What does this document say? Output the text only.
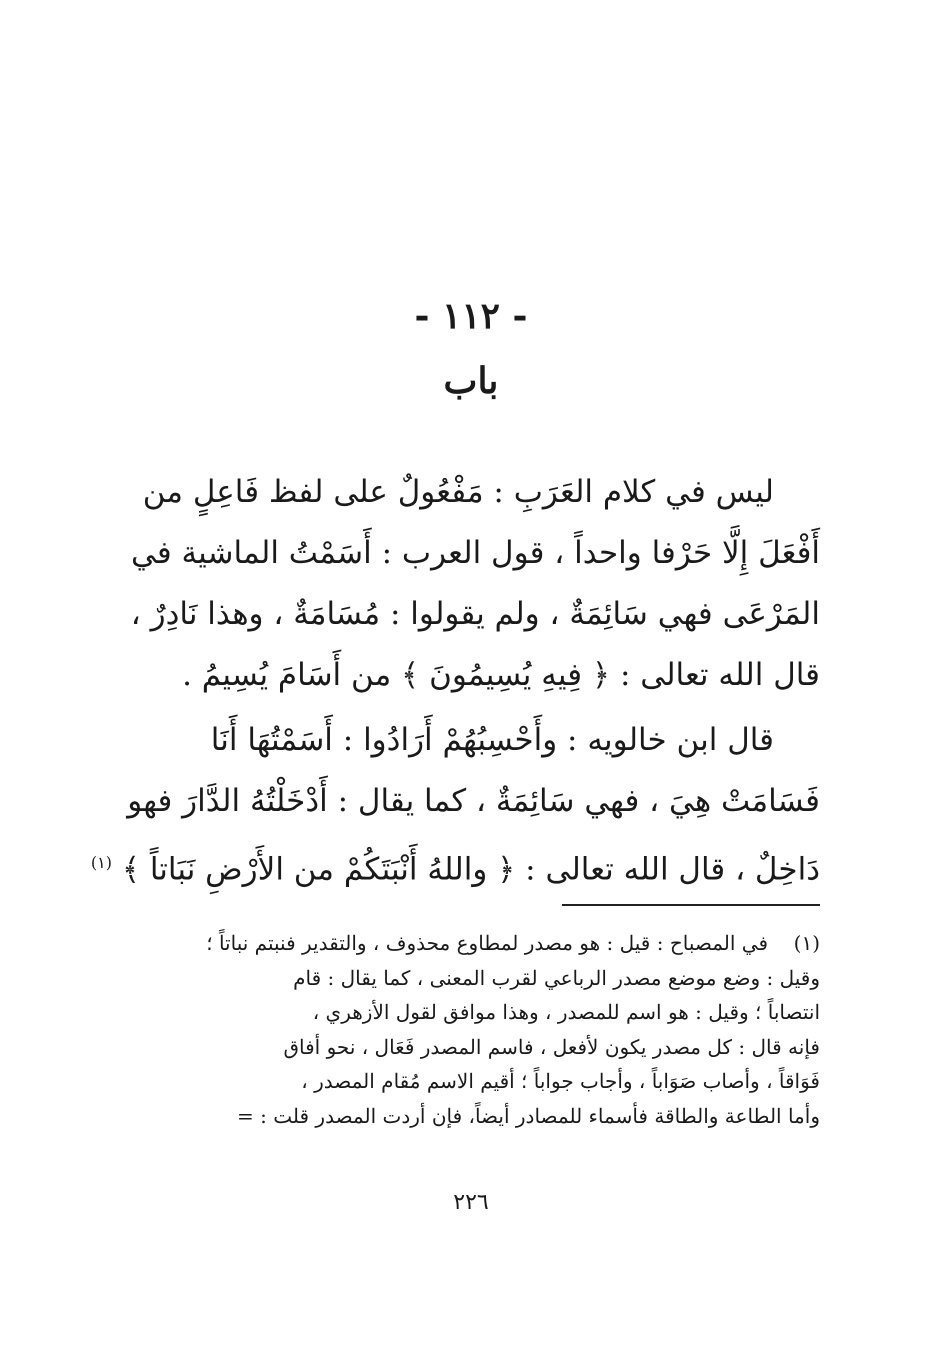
- ١١٢ -
باب
ليس في كلام العَرَبِ : مَفْعُولٌ على لفظ فَاعِلٍ من
أَفْعَلَ إِلَّا حَرْفا واحداً ، قول العرب : أَسَمْتُ الماشية في
المَرْعَى فهي سَائِمَةٌ ، ولم يقولوا : مُسَامَةٌ ، وهذا نَادِرٌ ،
قال الله تعالى : ﴿ فِيهِ يُسِيمُونَ ﴾ من أَسَامَ يُسِيمُ .
قال ابن خالويه : وأَحْسِبُهُمْ أَرَادُوا : أَسَمْتُهَا أَنَا
فَسَامَتْ هِيَ ، فهي سَائِمَةٌ ، كما يقال : أَدْخَلْتُهُ الدَّارَ فهو
دَاخِلٌ ، قال الله تعالى : ﴿ واللهُ أَنْبَتَكُمْ من الأَرْضِ نَبَاتاً ﴾ $^{(١)}$
(١)في المصباح : قيل : هو مصدر لمطاوع محذوف ، والتقدير فنبتم نباتاً ؛
وقيل : وضع موضع مصدر الرباعي لقرب المعنى ، كما يقال : قام
انتصاباً ؛ وقيل : هو اسم للمصدر ، وهذا موافق لقول الأزهري ،
فإنه قال : كل مصدر يكون لأفعل ، فاسم المصدر فَعَال ، نحو أفاق
فَوَاقاً ، وأصاب صَوَاباً ، وأجاب جواباً ؛ أقيم الاسم مُقام المصدر ،
وأما الطاعة والطاقة فأسماء للمصادر أيضاً، فإن أردت المصدر قلت : =
٢٢٦
